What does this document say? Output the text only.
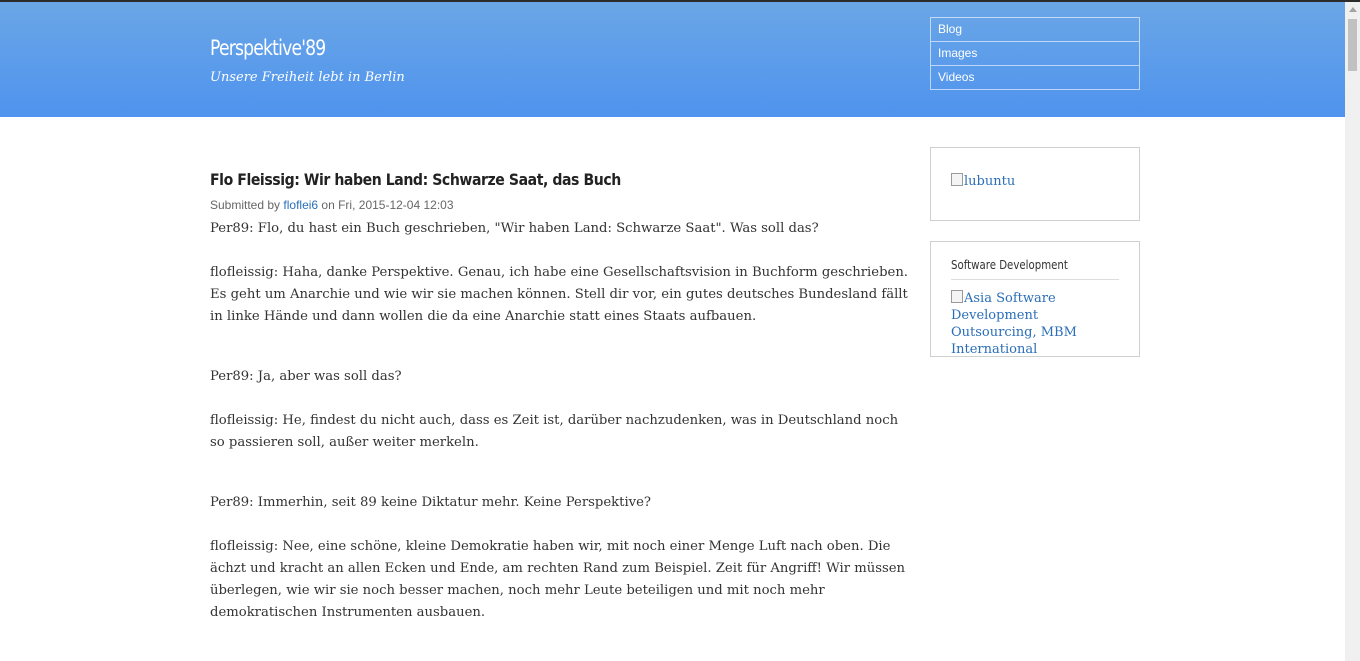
Perspektive'89
Unsere Freiheit lebt in Berlin
Blog
Images
Videos
Flo Fleissig: Wir haben Land: Schwarze Saat, das Buch
Submitted by floflei6 on Fri, 2015-12-04 12:03

Per89: Flo, du hast ein Buch geschrieben, "Wir haben Land: Schwarze Saat". Was soll das?

flofleissig: Haha, danke Perspektive. Genau, ich habe eine Gesellschaftsvision in Buchform geschrieben. Es geht um Anarchie und wie wir sie machen können. Stell dir vor, ein gutes deutsches Bundesland fällt in linke Hände und dann wollen die da eine Anarchie statt eines Staats aufbauen.

Per89: Ja, aber was soll das?

flofleissig: He, findest du nicht auch, dass es Zeit ist, darüber nachzudenken, was in Deutschland noch so passieren soll, außer weiter merkeln.

Per89: Immerhin, seit 89 keine Diktatur mehr. Keine Perspektive?

flofleissig: Nee, eine schöne, kleine Demokratie haben wir, mit noch einer Menge Luft nach oben. Die ächzt und kracht an allen Ecken und Ende, am rechten Rand zum Beispiel. Zeit für Angriff! Wir müssen überlegen, wie wir sie noch besser machen, noch mehr Leute beteiligen und mit noch mehr demokratischen Instrumenten ausbauen.

lubuntu
Software Development
Asia Software Development Outsourcing, MBM International
